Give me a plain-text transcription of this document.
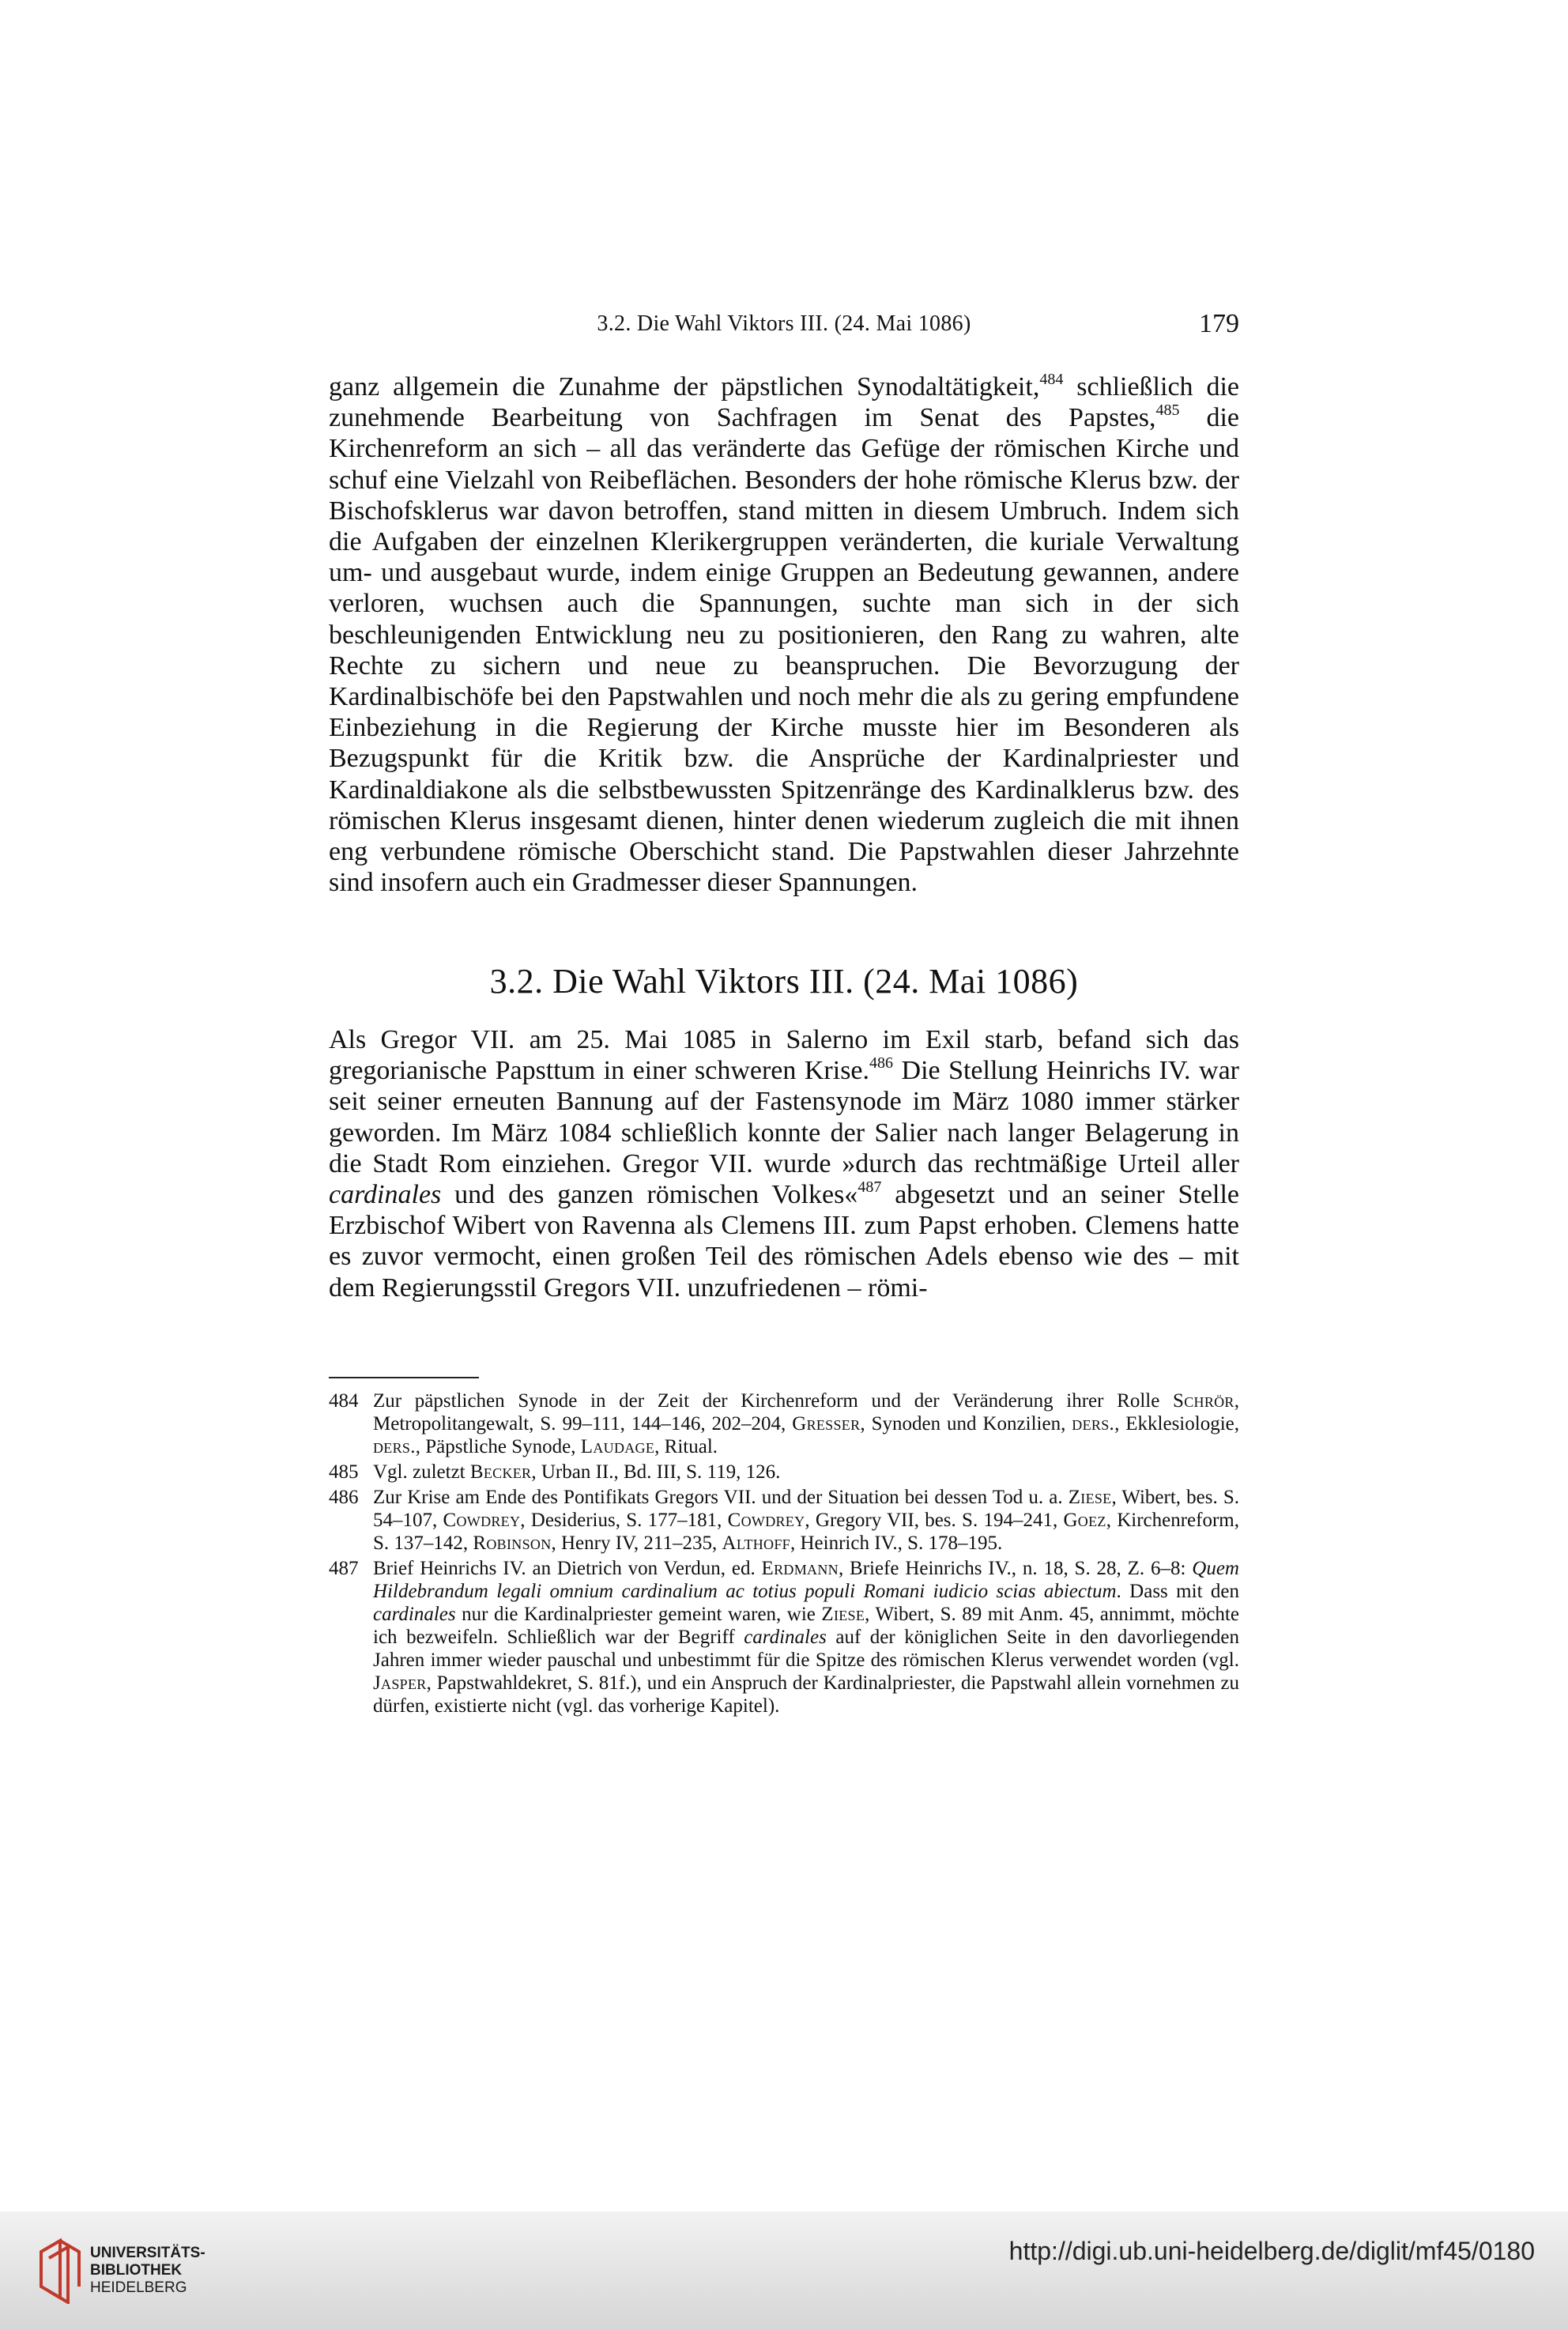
3.2. Die Wahl Viktors III. (24. Mai 1086)	179

ganz allgemein die Zunahme der päpstlichen Synodaltätigkeit,$^{484}$ schließlich die zunehmende Bearbeitung von Sachfragen im Senat des Papstes,$^{485}$ die Kirchenreform an sich – all das veränderte das Gefüge der römischen Kirche und schuf eine Vielzahl von Reibeflächen. Besonders der hohe römische Klerus bzw. der Bischofsklerus war davon betroffen, stand mitten in diesem Umbruch. Indem sich die Aufgaben der einzelnen Klerikergruppen veränderten, die kuriale Verwaltung um- und ausgebaut wurde, indem einige Gruppen an Bedeutung gewannen, andere verloren, wuchsen auch die Spannungen, suchte man sich in der sich beschleunigenden Entwicklung neu zu positionieren, den Rang zu wahren, alte Rechte zu sichern und neue zu beanspruchen. Die Bevorzugung der Kardinalbischöfe bei den Papstwahlen und noch mehr die als zu gering empfundene Einbeziehung in die Regierung der Kirche musste hier im Besonderen als Bezugspunkt für die Kritik bzw. die Ansprüche der Kardinalpriester und Kardinaldiakone als die selbstbewussten Spitzenränge des Kardinalklerus bzw. des römischen Klerus insgesamt dienen, hinter denen wiederum zugleich die mit ihnen eng verbundene römische Oberschicht stand. Die Papstwahlen dieser Jahrzehnte sind insofern auch ein Gradmesser dieser Spannungen.

3.2. Die Wahl Viktors III. (24. Mai 1086)

Als Gregor VII. am 25. Mai 1085 in Salerno im Exil starb, befand sich das gregorianische Papsttum in einer schweren Krise.$^{486}$ Die Stellung Heinrichs IV. war seit seiner erneuten Bannung auf der Fastensynode im März 1080 immer stärker geworden. Im März 1084 schließlich konnte der Salier nach langer Belagerung in die Stadt Rom einziehen. Gregor VII. wurde »durch das rechtmäßige Urteil aller cardinales und des ganzen römischen Volkes«$^{487}$ abgesetzt und an seiner Stelle Erzbischof Wibert von Ravenna als Clemens III. zum Papst erhoben. Clemens hatte es zuvor vermocht, einen großen Teil des römischen Adels ebenso wie des – mit dem Regierungsstil Gregors VII. unzufriedenen – römi-

484 Zur päpstlichen Synode in der Zeit der Kirchenreform und der Veränderung ihrer Rolle Schrör, Metropolitangewalt, S. 99–111, 144–146, 202–204, Gresser, Synoden und Konzilien, ders., Ekklesiologie, ders., Päpstliche Synode, Laudage, Ritual.
485 Vgl. zuletzt Becker, Urban II., Bd. III, S. 119, 126.
486 Zur Krise am Ende des Pontifikats Gregors VII. und der Situation bei dessen Tod u. a. Ziese, Wibert, bes. S. 54–107, Cowdrey, Desiderius, S. 177–181, Cowdrey, Gregory VII, bes. S. 194–241, Goez, Kirchenreform, S. 137–142, Robinson, Henry IV, 211–235, Althoff, Heinrich IV., S. 178–195.
487 Brief Heinrichs IV. an Dietrich von Verdun, ed. Erdmann, Briefe Heinrichs IV., n. 18, S. 28, Z. 6–8: Quem Hildebrandum legali omnium cardinalium ac totius populi Romani iudicio scias abiectum. Dass mit den cardinales nur die Kardinalpriester gemeint waren, wie Ziese, Wibert, S. 89 mit Anm. 45, annimmt, möchte ich bezweifeln. Schließlich war der Begriff cardinales auf der königlichen Seite in den davorliegenden Jahren immer wieder pauschal und unbestimmt für die Spitze des römischen Klerus verwendet worden (vgl. Jasper, Papstwahldekret, S. 81f.), und ein Anspruch der Kardinalpriester, die Papstwahl allein vornehmen zu dürfen, existierte nicht (vgl. das vorherige Kapitel).
UNIVERSITÄTS-
BIBLIOTHEK
HEIDELBERG
http://digi.ub.uni-heidelberg.de/diglit/mf45/0180
